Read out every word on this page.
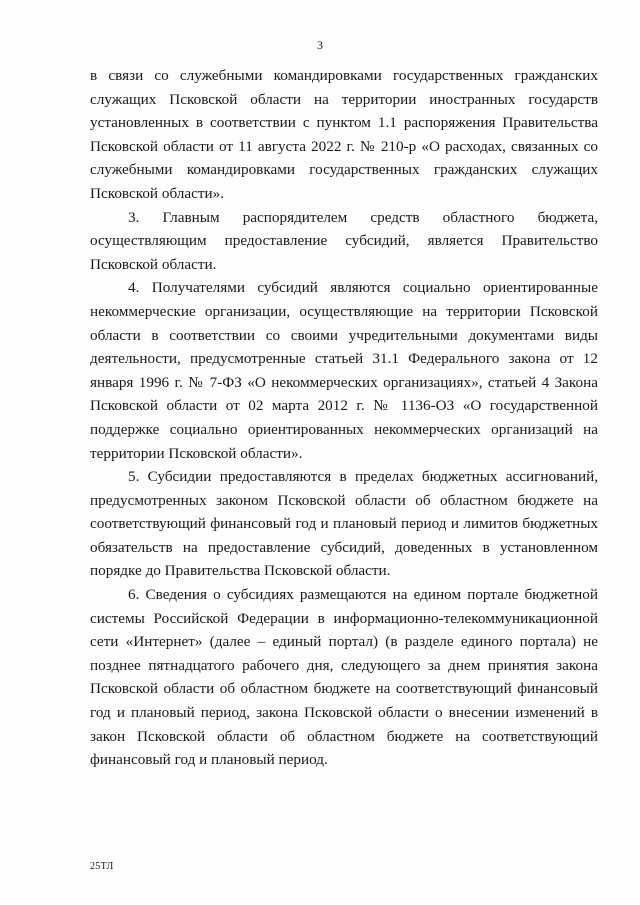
3

в связи со служебными командировками государственных гражданских служащих Псковской области на территории иностранных государств установленных в соответствии с пунктом 1.1 распоряжения Правительства Псковской области от 11 августа 2022 г. № 210-р «О расходах, связанных со служебными командировками государственных гражданских служащих Псковской области».

3. Главным распорядителем средств областного бюджета, осуществляющим предоставление субсидий, является Правительство Псковской области.

4. Получателями субсидий являются социально ориентированные некоммерческие организации, осуществляющие на территории Псковской области в соответствии со своими учредительными документами виды деятельности, предусмотренные статьей 31.1 Федерального закона от 12 января 1996 г. № 7-ФЗ «О некоммерческих организациях», статьей 4 Закона Псковской области от 02 марта 2012 г. № 1136-ОЗ «О государственной поддержке социально ориентированных некоммерческих организаций на территории Псковской области».

5. Субсидии предоставляются в пределах бюджетных ассигнований, предусмотренных законом Псковской области об областном бюджете на соответствующий финансовый год и плановый период и лимитов бюджетных обязательств на предоставление субсидий, доведенных в установленном порядке до Правительства Псковской области.

6. Сведения о субсидиях размещаются на едином портале бюджетной системы Российской Федерации в информационно-телекоммуникационной сети «Интернет» (далее – единый портал) (в разделе единого портала) не позднее пятнадцатого рабочего дня, следующего за днем принятия закона Псковской области об областном бюджете на соответствующий финансовый год и плановый период, закона Псковской области о внесении изменений в закон Псковской области об областном бюджете на соответствующий финансовый год и плановый период.

25ТЛ
